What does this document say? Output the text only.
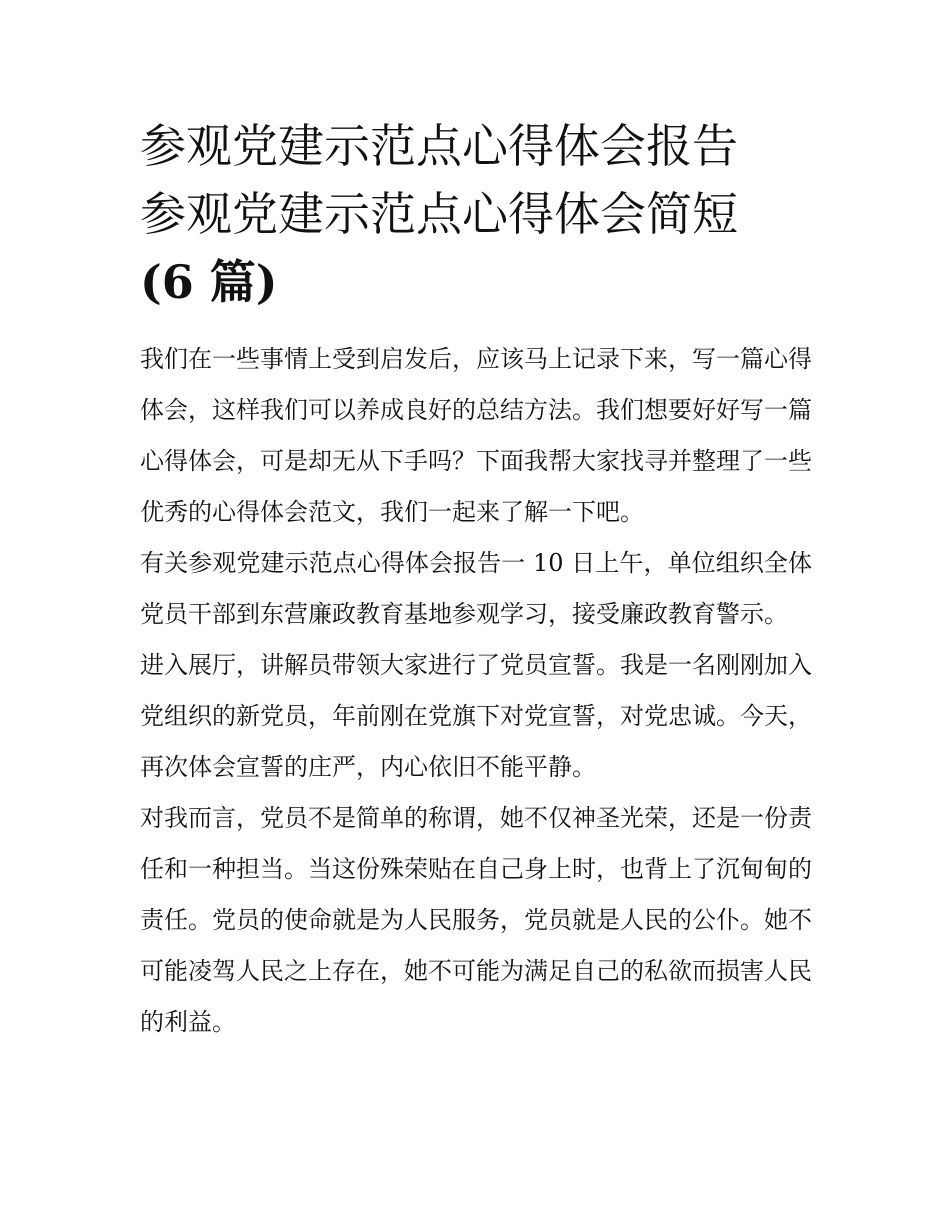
参观党建示范点心得体会报告
参观党建示范点心得体会简短
(6 篇)

我们在一些事情上受到启发后，应该马上记录下来，写一篇心得体会，这样我们可以养成良好的总结方法。我们想要好好写一篇心得体会，可是却无从下手吗？下面我帮大家找寻并整理了一些优秀的心得体会范文，我们一起来了解一下吧。

有关参观党建示范点心得体会报告一 10 日上午，单位组织全体党员干部到东营廉政教育基地参观学习，接受廉政教育警示。

进入展厅，讲解员带领大家进行了党员宣誓。我是一名刚刚加入党组织的新党员，年前刚在党旗下对党宣誓，对党忠诚。今天，再次体会宣誓的庄严，内心依旧不能平静。

对我而言，党员不是简单的称谓，她不仅神圣光荣，还是一份责任和一种担当。当这份殊荣贴在自己身上时，也背上了沉甸甸的责任。党员的使命就是为人民服务，党员就是人民的公仆。她不可能凌驾人民之上存在，她不可能为满足自己的私欲而损害人民的利益。
